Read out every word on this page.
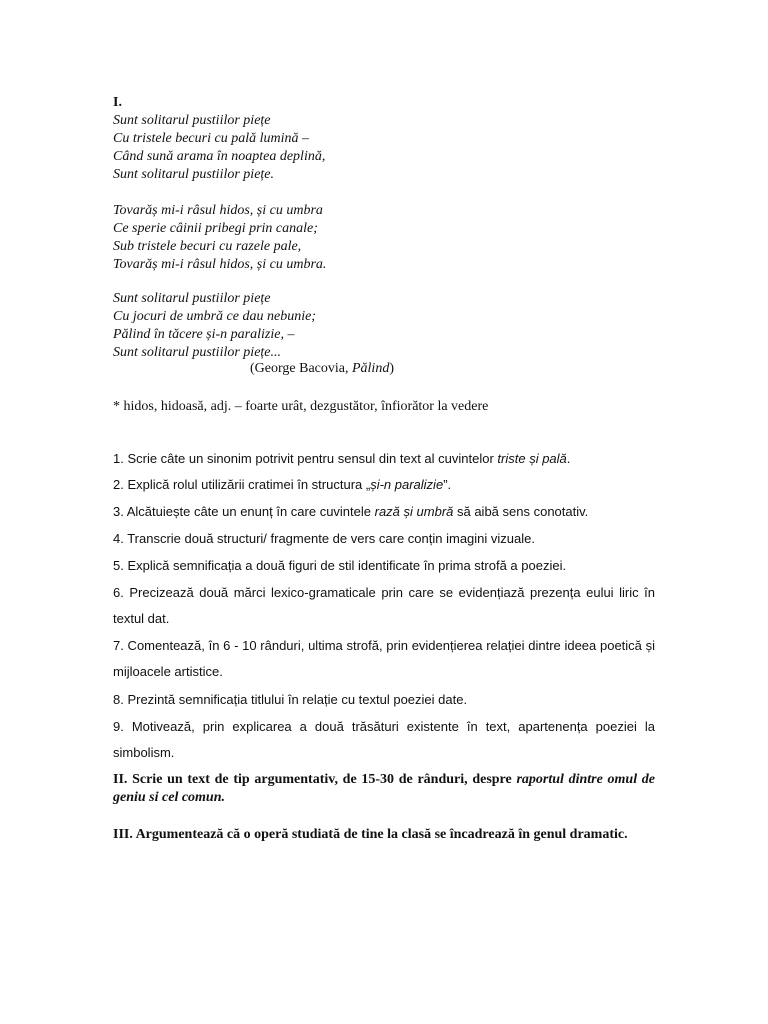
I.
Sunt solitarul pustiilor piețe
Cu tristele becuri cu pală lumină –
Când sună arama în noaptea deplină,
Sunt solitarul pustiilor piețe.
Tovarăș mi-i râsul hidos, și cu umbra
Ce sperie câinii pribegi prin canale;
Sub tristele becuri cu razele pale,
Tovarăș mi-i râsul hidos, și cu umbra.
Sunt solitarul pustiilor piețe
Cu jocuri de umbră ce dau nebunie;
Pălind în tăcere și-n paralizie, –
Sunt solitarul pustiilor piețe...
(George Bacovia, Pălind)
* hidos, hidoasă, adj. – foarte urât, dezgustător, înfiorător la vedere
1. Scrie câte un sinonim potrivit pentru sensul din text al cuvintelor triste și pală.
2. Explică rolul utilizării cratimei în structura „și-n paralizie”.
3. Alcătuiește câte un enunț în care cuvintele rază și umbră să aibă sens conotativ.
4. Transcrie două structuri/ fragmente de vers care conțin imagini vizuale.
5. Explică semnificația a două figuri de stil identificate în prima strofă a poeziei.
6. Precizează două mărci lexico-gramaticale prin care se evidențiază prezența eului liric în textul dat.
7. Comentează, în 6 - 10 rânduri, ultima strofă, prin evidențierea relației dintre ideea poetică și mijloacele artistice.
8. Prezintă semnificația titlului în relație cu textul poeziei date.
9. Motivează, prin explicarea a două trăsături existente în text, apartenența poeziei la simbolism.
II. Scrie un text de tip argumentativ, de 15-30 de rânduri, despre raportul dintre omul de geniu si cel comun.
III. Argumentează că o operă studiată de tine la clasă se încadrează în genul dramatic.
